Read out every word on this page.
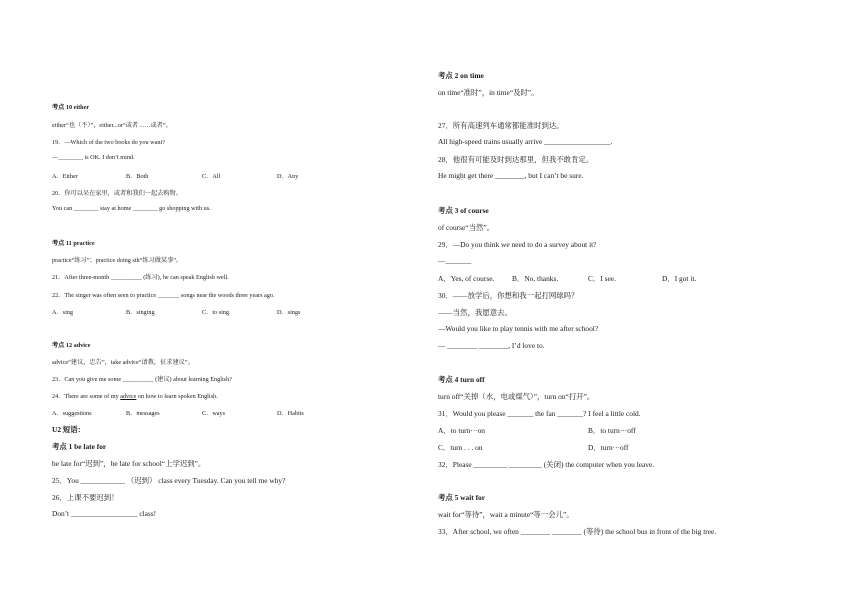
考点 10 either
either“也（不）”，either...or“或者……或者”。
19．—Which of the two books do you want?
—________ is OK. I don’t mind.
A．Either	B．Both	C．All	D．Any
20．你可以呆在家里，或者和我们一起去购物。
You can ________ stay at home ________ go shopping with us.
考点 11 practice
practice“练习”；practice doing sth“练习做某事”。
21．After three-month __________ (练习), he can speak English well.
22．The singer was often seen to practice _______ songs near the woods three years ago.
A．sing	B．singing	C．to sing	D．sings
考点 12 advice
advice“建议，忠告”，take advice“请教，征求建议”。
23．Can you give me some __________ (建议) about learning English?
24．There are some of my advice on how to learn spoken English.
A．suggestions	B．messages	C．ways	D．Habits
U2 短语：
考点 1 be late for
be late for“迟到”，be late for school“上学迟到”。
25．You ____________ （迟到） class every Tuesday. Can you tell me why?
26．上课不要迟到！
Don’t __________________ class!
考点 2 on time
on time“准时”，in time“及时”。
27．所有高速列车通常都能准时到达。
All high-speed trains usually arrive __________________.
28．他很有可能及时到达那里，但我不敢肯定。
He might get there ________, but I can’t be sure.
考点 3 of course
of course“当然”。
29．—Do you think we need to do a survey about it?
—_______
A．Yes, of course. B．No, thanks.	C．I see.	D．I got it.
30．——放学后，你想和我一起打网球吗？
——当然，我愿意去。
—Would you like to play tennis with me after school?
— ________ ________, I’d love to.
考点 4 turn off
turn off“关掉（水，电或煤气）”，turn on“打开”。
31．Would you please _______ the fan _______? I feel a little cold.
A．to turn···on	B．to turn···off
C．turn . . . on	D．turn···off
32．Please _________ _________ (关闭) the computer when you leave.
考点 5 wait for
wait for“等待”，wait a minute“等一会儿”。
33．After school, we often ________ ________ (等待) the school bus in front of the big tree.
